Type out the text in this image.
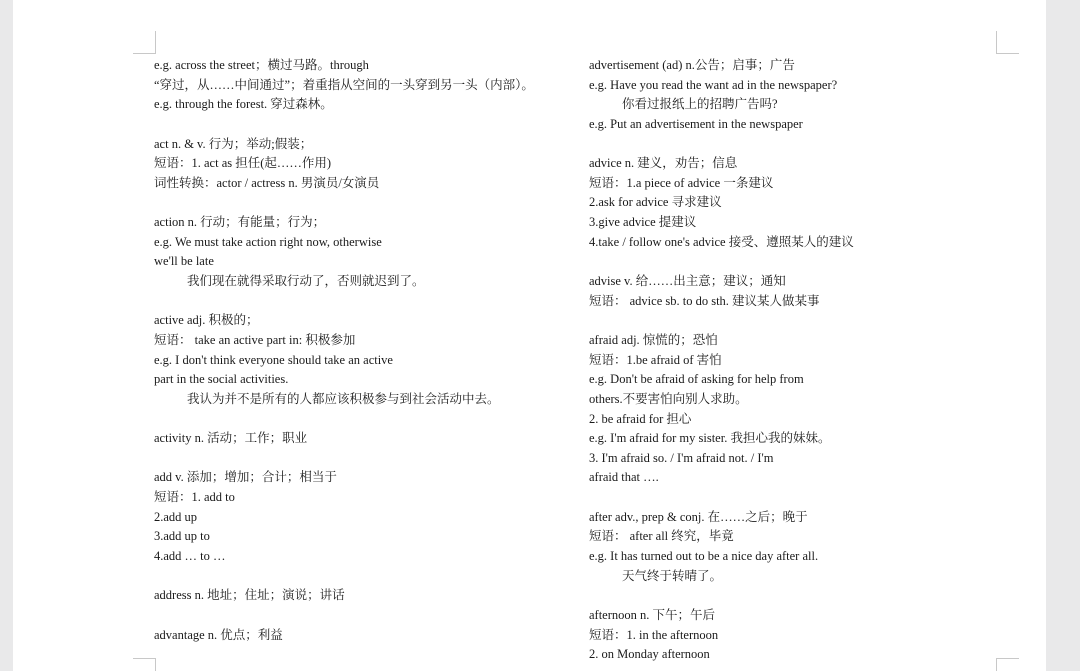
e.g. across the street；横过马路。through
“穿过，从……中间通过”；着重指从空间的一头穿到另一头（内部）。
e.g. through the forest. 穿过森林。
act n. & v. 行为；举动;假装；
短语：1. act as 担任(起……作用)
词性转换：actor / actress n. 男演员/女演员
action n. 行动；有能量；行为；
e.g. We must take action right now, otherwise
we'll be late
我们现在就得采取行动了，否则就迟到了。
active adj. 积极的；
短语： take an active part in: 积极参加
e.g. I don't think everyone should take an active
part in the social activities.
我认为并不是所有的人都应该积极参与到社会活动中去。
activity n. 活动；工作；职业
add v. 添加；增加；合计；相当于
短语：1. add to
2.add up
3.add up to
4.add … to …
address n. 地址；住址；演说；讲话
advantage n. 优点；利益
advertisement (ad) n.公告；启事；广告
e.g. Have you read the want ad in the newspaper?
你看过报纸上的招聘广告吗?
e.g. Put an advertisement in the newspaper
advice n. 建义，劝告；信息
短语：1.a piece of advice 一条建议
2.ask for advice 寻求建议
3.give advice 提建议
4.take / follow one's advice 接受、遵照某人的建议
advise v. 给……出主意；建议；通知
短语： advice sb. to do sth. 建议某人做某事
afraid adj. 惊慌的；恐怕
短语：1.be afraid of 害怕
e.g. Don't be afraid of asking for help from
others.不要害怕向别人求助。
2. be afraid for 担心
e.g. I'm afraid for my sister. 我担心我的妹妹。
3. I'm afraid so. / I'm afraid not. / I'm
afraid that ….
after adv., prep & conj. 在……之后；晚于
短语： after all 终究，毕竟
e.g. It has turned out to be a nice day after all.
天气终于转晴了。
afternoon n. 下午；午后
短语：1. in the afternoon
2. on Monday afternoon
